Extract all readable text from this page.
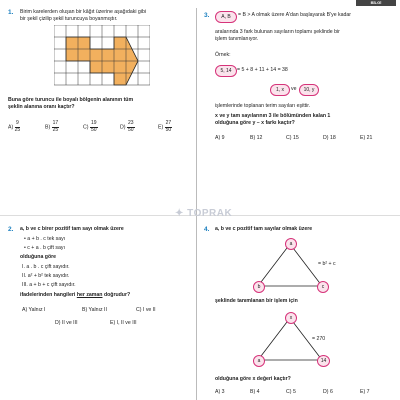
BİLGİ
1. Birim karelerden oluşan bir kâğıt üzerine aşağıdaki gibi
bir şekil çizilip şekil turuncuya boyanmıştır.
Buna göre turuncu ile boyalı bölgenin alanının tüm
şeklin alanına oranı kaçtır?
$A) \frac{9}{25}$	$B) \frac{17}{25}$	$C) \frac{19}{50}$	$D) \frac{23}{50}$	$E) \frac{27}{50}$
3.	A, B	= B > A olmak üzere A'dan başlayarak B'ye kadar
aralarında 3 fark bulunan sayıların toplamı şeklinde bir
işlem tanımlanıyor.
Örnek:
5, 14	= 5 + 8 + 11 + 14 = 38
1, x	ve	10, y
işlemlerinde toplanan terim sayıları eşittir.
x ve y tam sayılarının 3 ile bölümünden kalan 1
olduğuna göre y – x farkı kaçtır?
A) 9	B) 12	C) 15	D) 18	E) 21
✦ TOPRAK
2. a, b ve c birer pozitif tam sayı olmak üzere
• a + b . c tek sayı
• c + a . b çift sayı
olduğuna göre
I. a . b . c çift sayıdır.
II. a² + b² tek sayıdır.
III. a + b + c çift sayıdır.
ifadelerinden hangileri her zaman doğrudur?
A) Yalnız I	B) Yalnız II	C) I ve II
D) II ve III	E) I, II ve III
4. a, b ve c pozitif tam sayılar olmak üzere
a
b	c
= b² + c
şeklinde tanımlanan bir işlem için
x
a	14
= 270
olduğuna göre x değeri kaçtır?
A) 3	B) 4	C) 5	D) 6	E) 7
